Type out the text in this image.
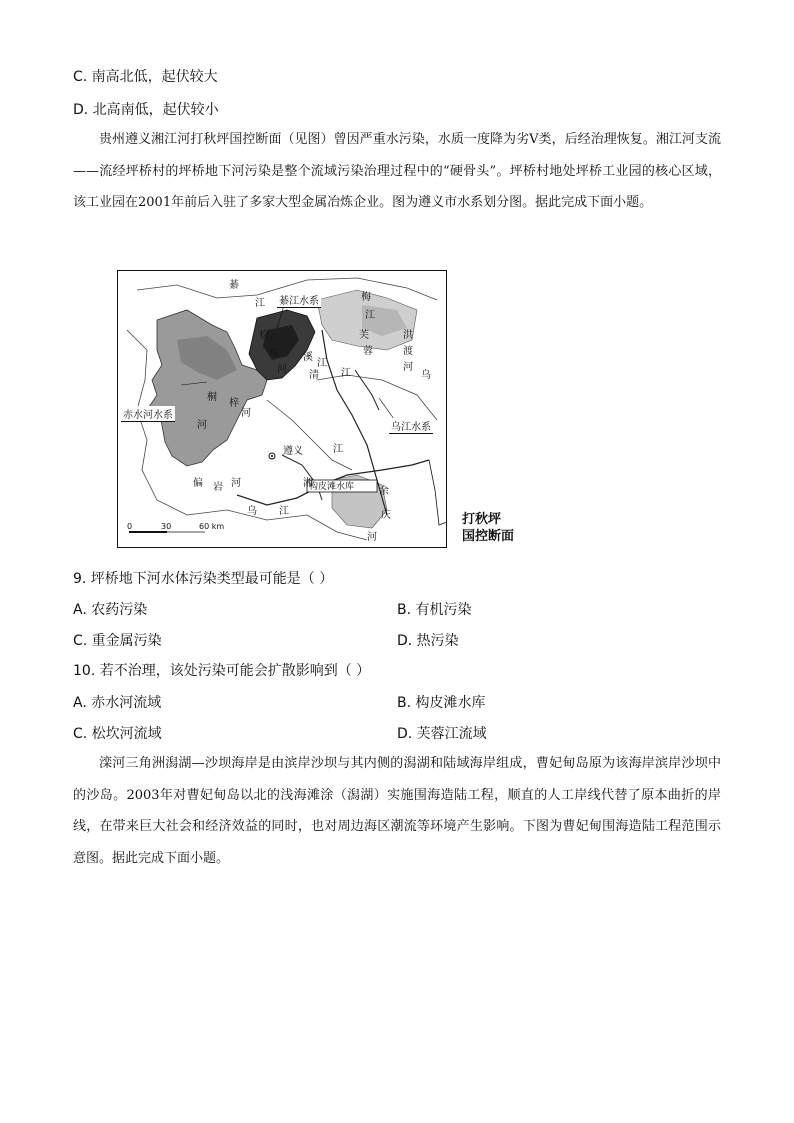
C. 南高北低，起伏较大
D. 北高南低，起伏较小

贵州遵义湘江河打秋坪国控断面（见图）曾因严重水污染，水质一度降为劣Ⅴ类，后经治理恢复。湘江河支流——流经坪桥村的坪桥地下河污染是整个流域污染治理过程中的“硬骨头”。坪桥村地处坪桥工业园的核心区域，该工业园在2001年前后入驻了多家大型金属冶炼企业。图为遵义市水系划分图。据此完成下面小题。

綦江水系
赤水河水系
乌江水系
綦
江
松
坎
河
桐
梓
河
河
梅
江
芙
蓉
江
溪
清
江
洪
渡
河
乌
湘
江
遵义
偏 岩 河
乌 江
构皮滩水库 余
庆
河
0	30	60 km	打秋坪
国控断面
9. 坪桥地下河水体污染类型最可能是（ ）
A. 农药污染	B. 有机污染
C. 重金属污染	D. 热污染
10. 若不治理，该处污染可能会扩散影响到（ ）
A. 赤水河流域	B. 构皮滩水库
C. 松坎河流域	D. 芙蓉江流域

滦河三角洲潟湖—沙坝海岸是由滨岸沙坝与其内侧的潟湖和陆域海岸组成，曹妃甸岛原为该海岸滨岸沙坝中的沙岛。2003年对曹妃甸岛以北的浅海滩涂（潟湖）实施围海造陆工程，顺直的人工岸线代替了原本曲折的岸线，在带来巨大社会和经济效益的同时，也对周边海区潮流等环境产生影响。下图为曹妃甸围海造陆工程范围示意图。据此完成下面小题。
